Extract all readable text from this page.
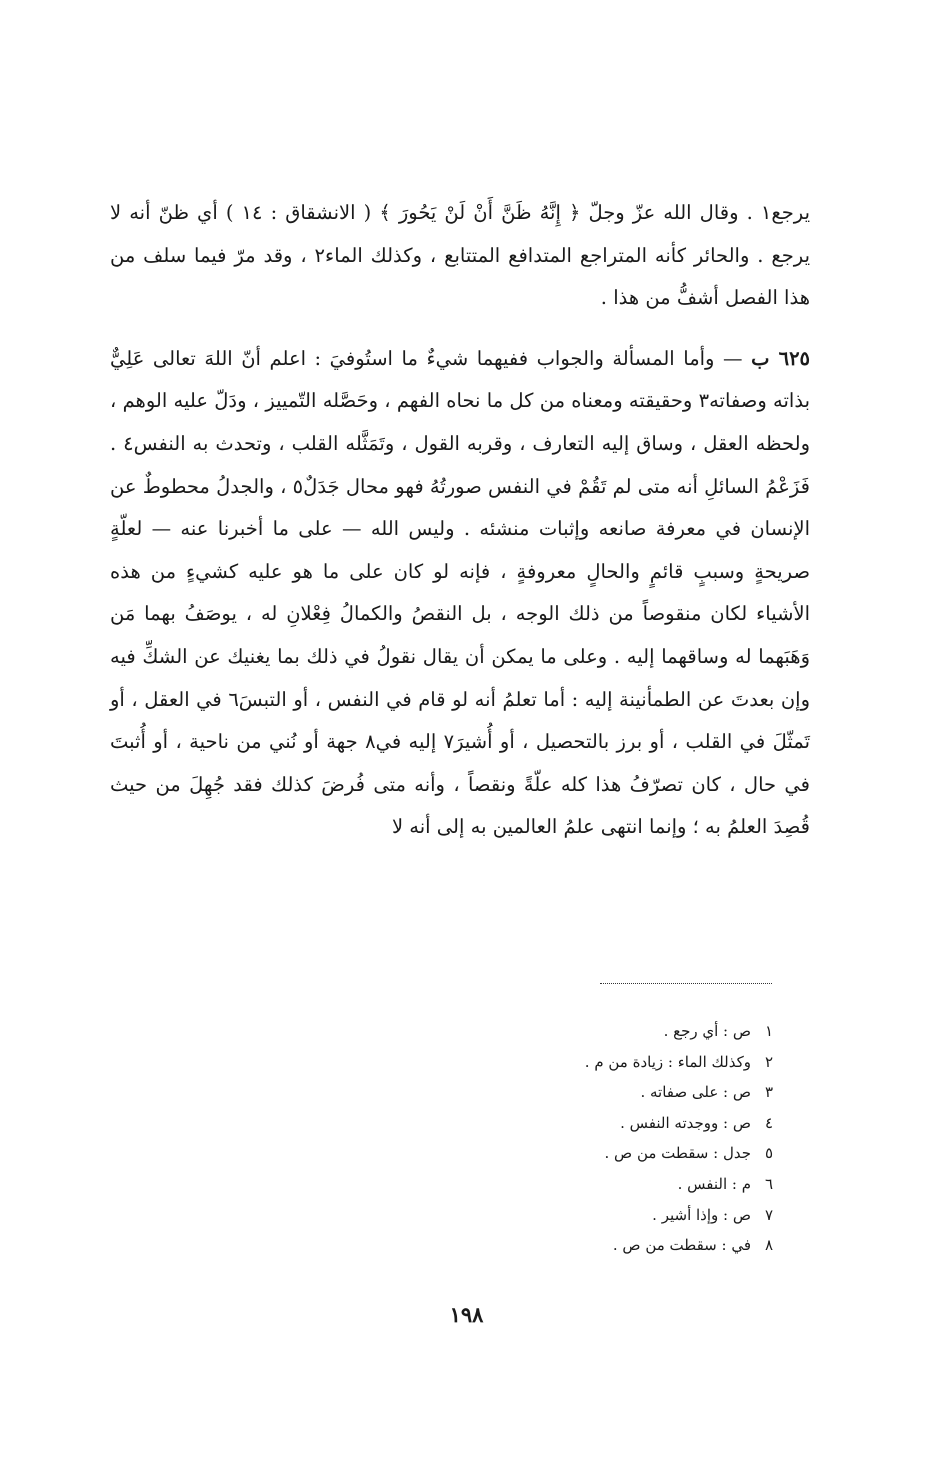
يرجع١ . وقال الله عزّ وجلّ ﴿ إِنَّهُ ظَنَّ أَنْ لَنْ يَحُورَ ﴾ ( الانشقاق : ١٤ ) أي ظنّ أنه لا يرجع . والحائر كأنه المتراجع المتدافع المتتابع ، وكذلك الماء٢ ، وقد مرّ فيما سلف من هذا الفصل أشفُّ من هذا .

٦٢٥ ب — وأما المسألة والجواب ففيهما شيءٌ ما استُوفيَ : اعلم أنّ اللهَ تعالى عَلِيٌّ بذاته وصفاته٣ وحقيقته ومعناه من كل ما نحاه الفهم ، وحَصَّله التّمييز ، ودَلّ عليه الوهم ، ولحظه العقل ، وساق إليه التعارف ، وقربه القول ، وتَمَثَّله القلب ، وتحدث به النفس٤ . فَزَعْمُ السائلِ أنه متى لم تَقُمْ في النفس صورتُهُ فهو محال جَدَلٌ٥ ، والجدلُ محطوطٌ عن الإنسان في معرفة صانعه وإثبات منشئه . وليس الله — على ما أخبرنا عنه — لعلّةٍ صريحةٍ وسببٍ قائمٍ والحالٍ معروفةٍ ، فإنه لو كان على ما هو عليه كشيءٍ من هذه الأشياء لكان منقوصاً من ذلك الوجه ، بل النقصُ والكمالُ فِعْلانِ له ، يوصَفُ بهما مَن وَهَبَهما له وساقهما إليه . وعلى ما يمكن أن يقال نقولُ في ذلك بما يغنيك عن الشكِّ فيه وإن بعدتَ عن الطمأنينة إليه : أما تعلمُ أنه لو قام في النفس ، أو التبسَ٦ في العقل ، أو تَمثّلَ في القلب ، أو برز بالتحصيل ، أو أُشيرَ٧ إليه في٨ جهة أو نُني من ناحية ، أو أُثبتَ في حال ، كان تصرّفُ هذا كله علّةً ونقصاً ، وأنه متى فُرضَ كذلك فقد جُهِلَ من حيث قُصِدَ العلمُ به ؛ وإنما انتهى علمُ العالمين به إلى أنه لا

١
ص : أي رجع .
٢
وكذلك الماء : زيادة من م .
٣
ص : على صفاته .
٤
ص : ووجدته النفس .
٥
جدل : سقطت من ص .
٦
م : النفس .
٧
ص : وإذا أشير .
٨
في : سقطت من ص .
١٩٨
